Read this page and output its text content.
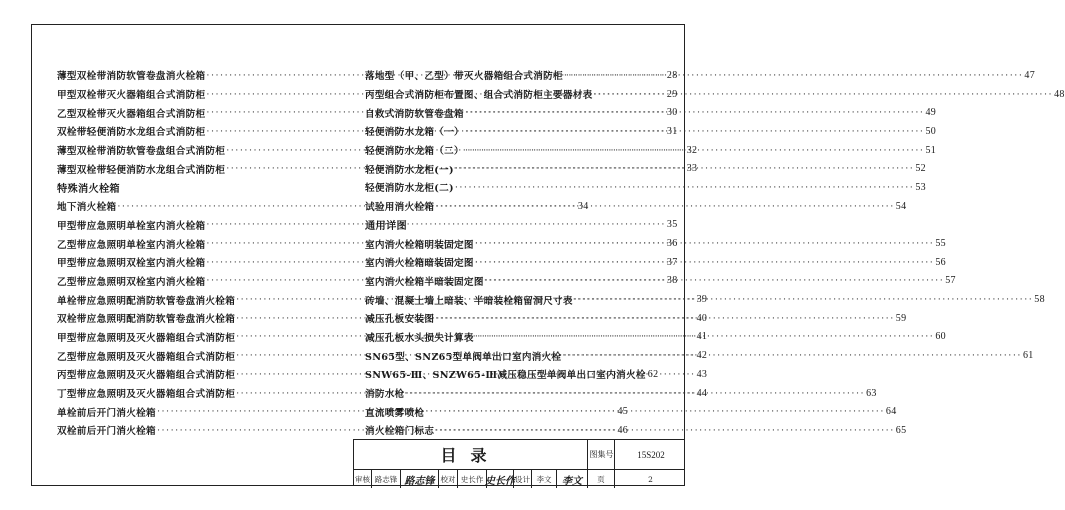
薄型双栓带消防软管卷盘消火栓箱 ·····	28
甲型双栓带灭火器箱组合式消防柜 ·····	29
乙型双栓带灭火器箱组合式消防柜 ·····	30
双栓带轻便消防水龙组合式消防柜 ·····	31
薄型双栓带消防软管卷盘组合式消防柜 ·····	32
薄型双栓带轻便消防水龙组合式消防柜 ·····	33
特殊消火栓箱
地下消火栓箱 ·····	34
甲型带应急照明单栓室内消火栓箱 ·····	35
乙型带应急照明单栓室内消火栓箱 ·····	36
甲型带应急照明双栓室内消火栓箱 ·····	37
乙型带应急照明双栓室内消火栓箱 ·····	38
单栓带应急照明配消防软管卷盘消火栓箱 ·····	39
双栓带应急照明配消防软管卷盘消火栓箱 ·····	40
甲型带应急照明及灭火器箱组合式消防柜 ·····	41
乙型带应急照明及灭火器箱组合式消防柜 ·····	42
丙型带应急照明及灭火器箱组合式消防柜 ·····	43
丁型带应急照明及灭火器箱组合式消防柜 ·····	44
单栓前后开门消火栓箱 ·····	45
双栓前后开门消火栓箱 ·····	46
落地型（甲、乙型）带灭火器箱组合式消防柜 ·····	47
丙型组合式消防柜布置图、组合式消防柜主要器材表 ·····	48
自救式消防软管卷盘箱 ·····	49
轻便消防水龙箱（一） ·····	50
轻便消防水龙箱（二） ·····	51
轻便消防水龙柜(一) ·····	52
轻便消防水龙柜(二) ·····	53
试验用消火栓箱 ·····	54
通用详图
室内消火栓箱明装固定图 ·····	55
室内消火栓箱暗装固定图 ·····	56
室内消火栓箱半暗装固定图 ·····	57
砖墙、混凝土墙上暗装、半暗装栓箱留洞尺寸表 ·····	58
减压孔板安装图 ·····	59
减压孔板水头损失计算表 ·····	60
SN65型、SNZ65型单阀单出口室内消火栓 ·····	61
SNW65-Ⅲ、SNZW65-Ⅲ减压稳压型单阀单出口室内消火栓 62
消防水枪 ·····	63
直流喷雾喷枪 ·····	64
消火栓箱门标志 ·····	65
目录	图集号	15S202
审核 路志锋 路志锋 校对 史长作 史长作 设计 李文	李文	页	2
